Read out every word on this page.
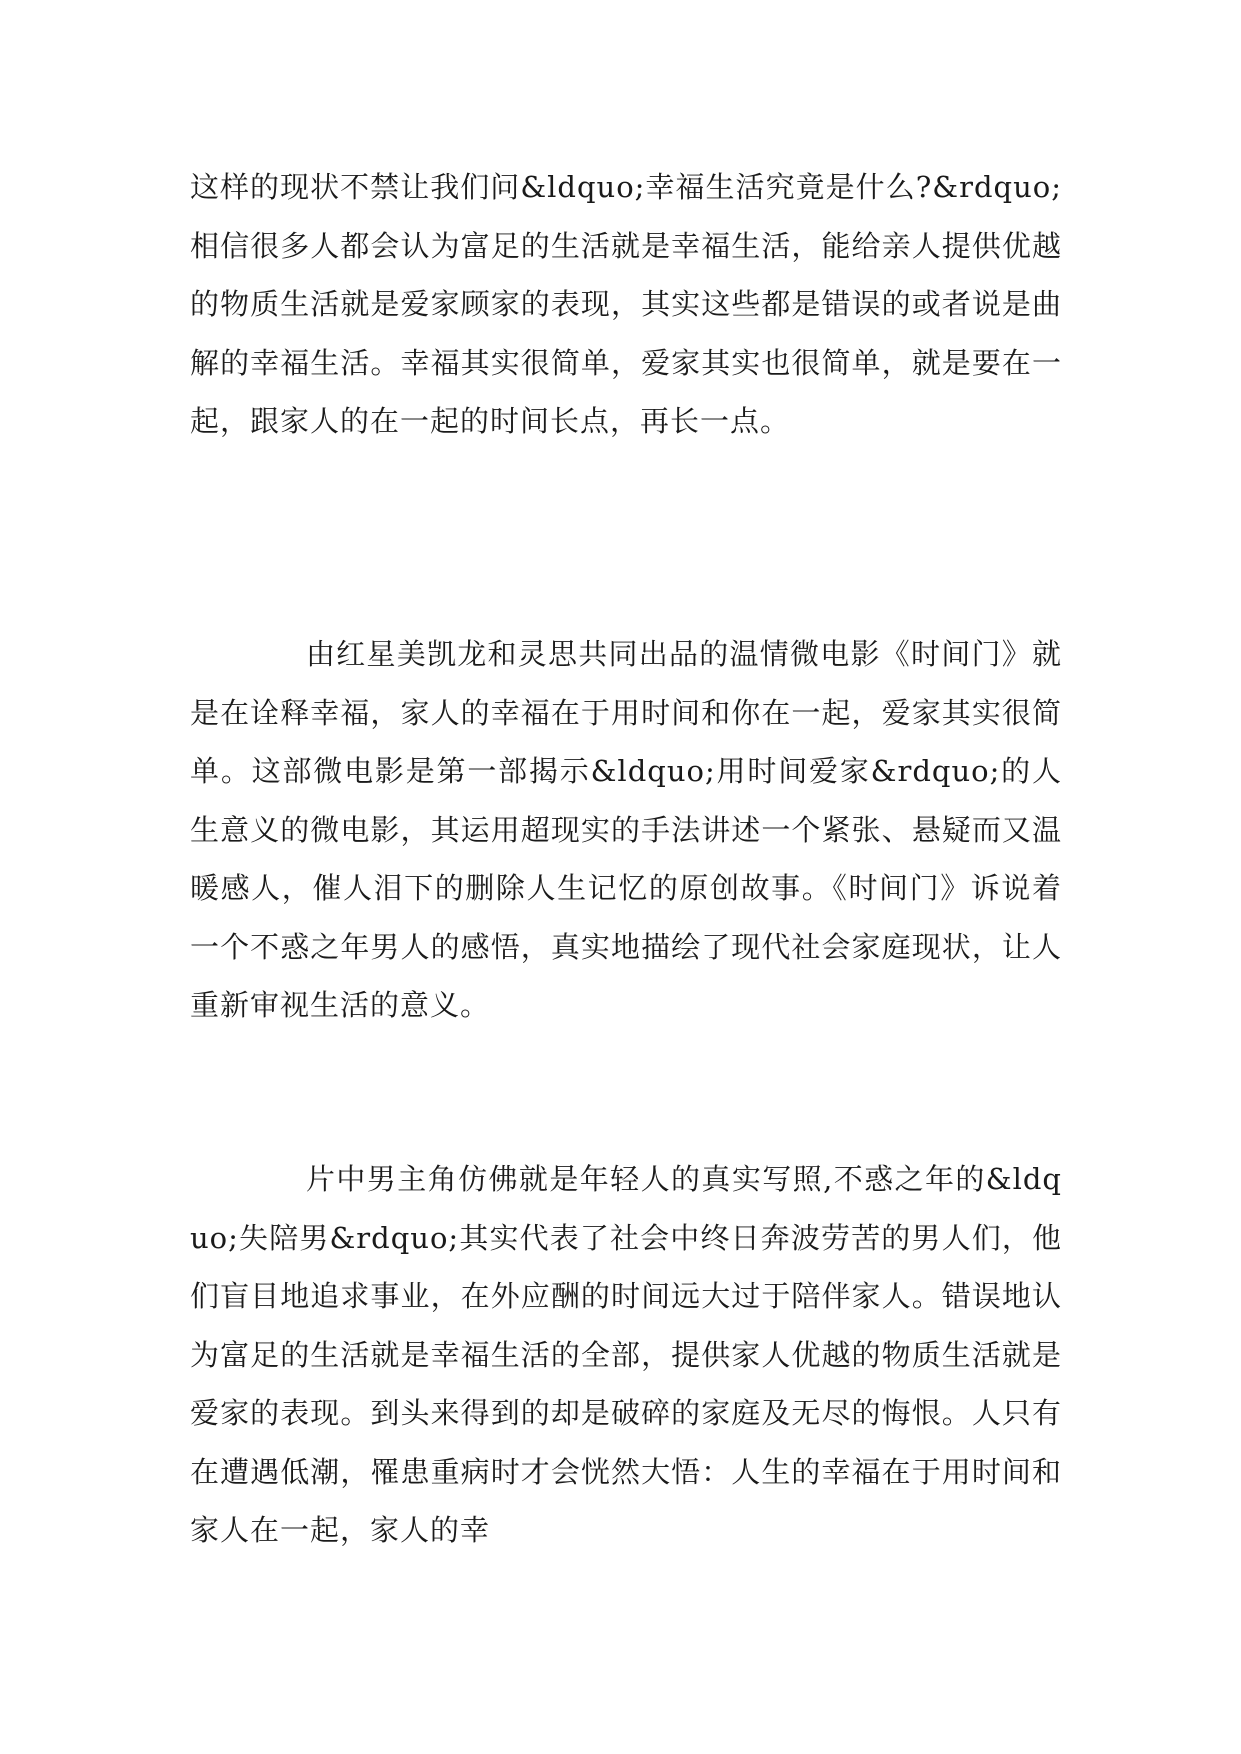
这样的现状不禁让我们问&ldquo;幸福生活究竟是什么?&rdquo;相信很多人都会认为富足的生活就是幸福生活，能给亲人提供优越的物质生活就是爱家顾家的表现，其实这些都是错误的或者说是曲解的幸福生活。幸福其实很简单，爱家其实也很简单，就是要在一起，跟家人的在一起的时间长点，再长一点。

由红星美凯龙和灵思共同出品的温情微电影《时间门》就是在诠释幸福，家人的幸福在于用时间和你在一起，爱家其实很简单。这部微电影是第一部揭示&ldquo;用时间爱家&rdquo;的人生意义的微电影，其运用超现实的手法讲述一个紧张、悬疑而又温暖感人，催人泪下的删除人生记忆的原创故事。《时间门》诉说着一个不惑之年男人的感悟，真实地描绘了现代社会家庭现状，让人重新审视生活的意义。

片中男主角仿佛就是年轻人的真实写照,不惑之年的&ldquo;失陪男&rdquo;其实代表了社会中终日奔波劳苦的男人们，他们盲目地追求事业，在外应酬的时间远大过于陪伴家人。错误地认为富足的生活就是幸福生活的全部，提供家人优越的物质生活就是爱家的表现。到头来得到的却是破碎的家庭及无尽的悔恨。人只有在遭遇低潮，罹患重病时才会恍然大悟：人生的幸福在于用时间和家人在一起，家人的幸
